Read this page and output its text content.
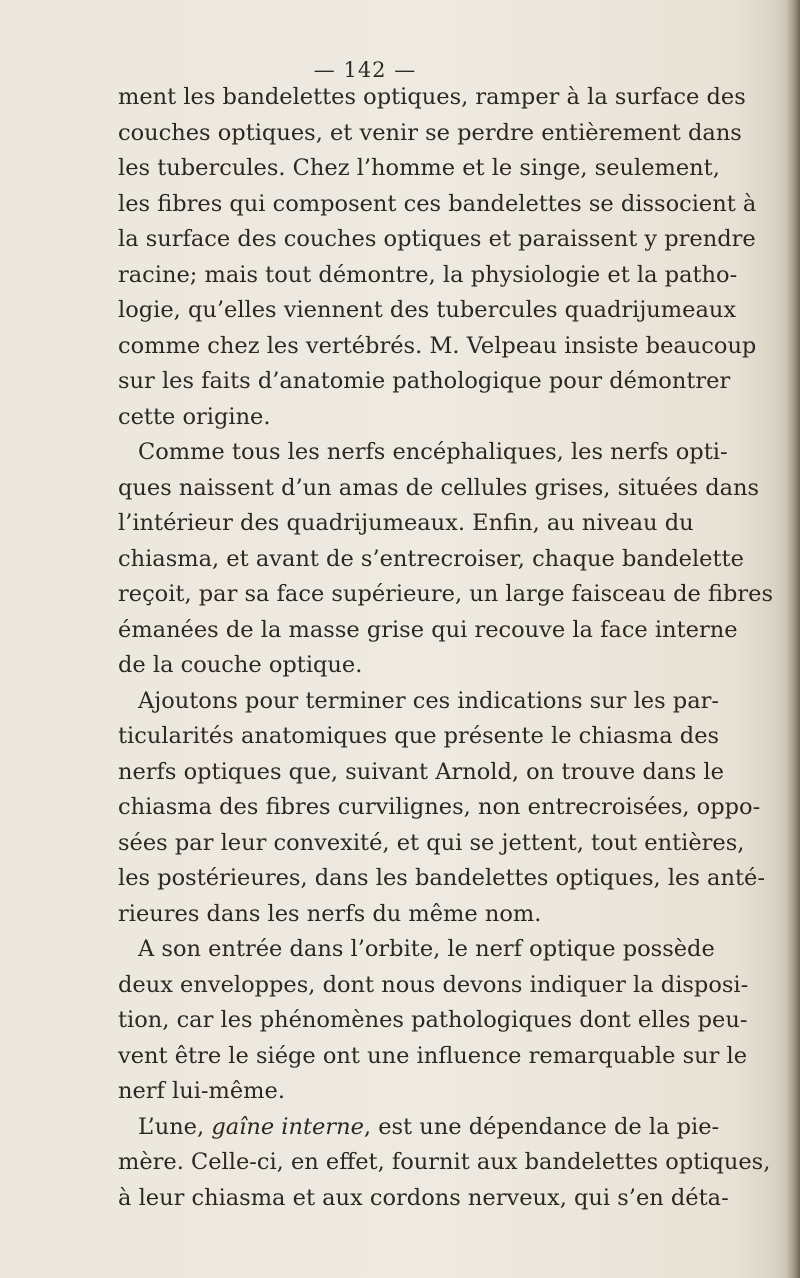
— 142 —
ment les bandelettes optiques, ramper à la surface des
couches optiques, et venir se perdre entièrement dans
les tubercules. Chez l’homme et le singe, seulement,
les fibres qui composent ces bandelettes se dissocient à
la surface des couches optiques et paraissent y prendre
racine; mais tout démontre, la physiologie et la patho-
logie, qu’elles viennent des tubercules quadrijumeaux
comme chez les vertébrés. M. Velpeau insiste beaucoup
sur les faits d’anatomie pathologique pour démontrer
cette origine.
Comme tous les nerfs encéphaliques, les nerfs opti-
ques naissent d’un amas de cellules grises, situées dans
l’intérieur des quadrijumeaux. Enfin, au niveau du
chiasma, et avant de s’entrecroiser, chaque bandelette
reçoit, par sa face supérieure, un large faisceau de fibres
émanées de la masse grise qui recouve la face interne
de la couche optique.
Ajoutons pour terminer ces indications sur les par-
ticularités anatomiques que présente le chiasma des
nerfs optiques que, suivant Arnold, on trouve dans le
chiasma des fibres curvilignes, non entrecroisées, oppo-
sées par leur convexité, et qui se jettent, tout entières,
les postérieures, dans les bandelettes optiques, les anté-
rieures dans les nerfs du même nom.
A son entrée dans l’orbite, le nerf optique possède
deux enveloppes, dont nous devons indiquer la disposi-
tion, car les phénomènes pathologiques dont elles peu-
vent être le siége ont une influence remarquable sur le
nerf lui-même.
L’une, gaîne interne, est une dépendance de la pie-
mère. Celle-ci, en effet, fournit aux bandelettes optiques,
à leur chiasma et aux cordons nerveux, qui s’en déta-
